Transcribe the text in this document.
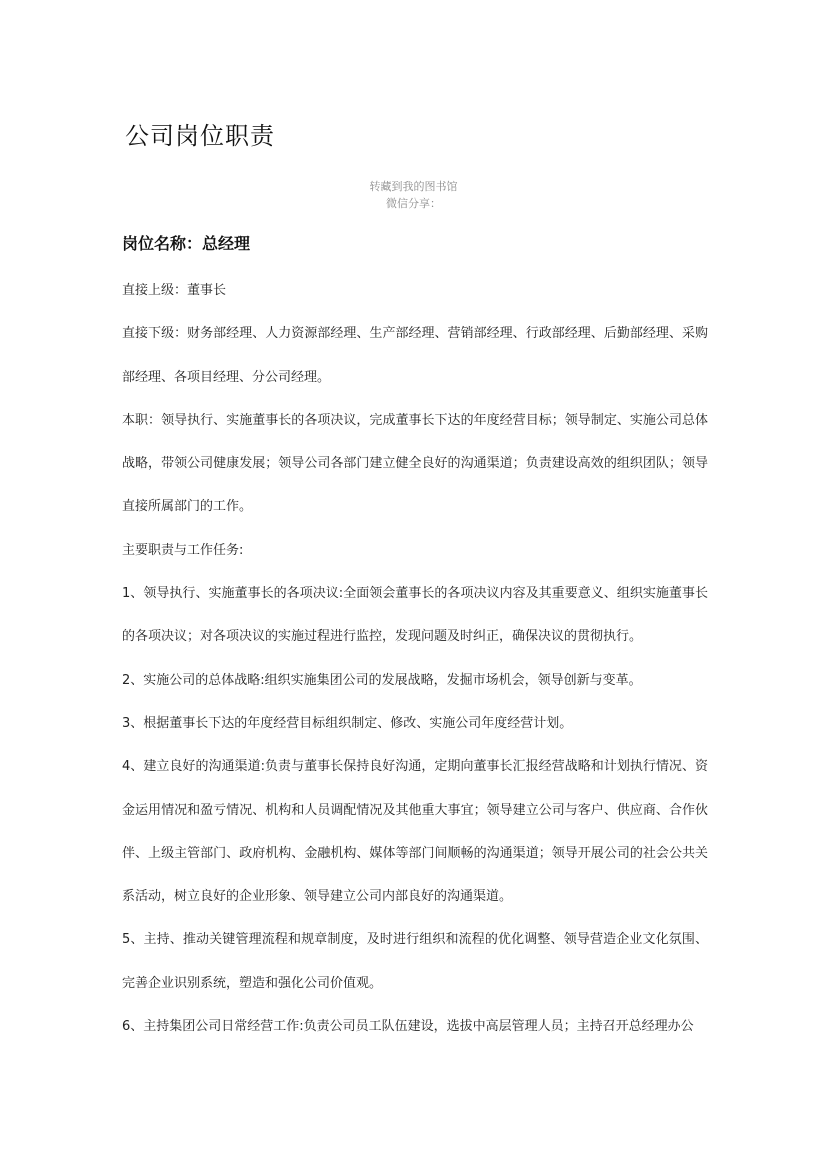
公司岗位职责
转藏到我的图书馆
微信分享：
岗位名称：总经理

直接上级：董事长

直接下级：财务部经理、人力资源部经理、生产部经理、营销部经理、行政部经理、后勤部经理、采购部经理、各项目经理、分公司经理。

本职：领导执行、实施董事长的各项决议，完成董事长下达的年度经营目标；领导制定、实施公司总体战略，带领公司健康发展；领导公司各部门建立健全良好的沟通渠道；负责建设高效的组织团队；领导直接所属部门的工作。

主要职责与工作任务:

1、领导执行、实施董事长的各项决议:全面领会董事长的各项决议内容及其重要意义、组织实施董事长的各项决议；对各项决议的实施过程进行监控，发现问题及时纠正，确保决议的贯彻执行。

2、实施公司的总体战略:组织实施集团公司的发展战略，发掘市场机会，领导创新与变革。

3、根据董事长下达的年度经营目标组织制定、修改、实施公司年度经营计划。

4、建立良好的沟通渠道:负责与董事长保持良好沟通，定期向董事长汇报经营战略和计划执行情况、资金运用情况和盈亏情况、机构和人员调配情况及其他重大事宜；领导建立公司与客户、供应商、合作伙伴、上级主管部门、政府机构、金融机构、媒体等部门间顺畅的沟通渠道；领导开展公司的社会公共关系活动，树立良好的企业形象、领导建立公司内部良好的沟通渠道。

5、主持、推动关键管理流程和规章制度，及时进行组织和流程的优化调整、领导营造企业文化氛围、完善企业识别系统，塑造和强化公司价值观。

6、主持集团公司日常经营工作:负责公司员工队伍建设，选拔中高层管理人员；主持召开总经理办公
